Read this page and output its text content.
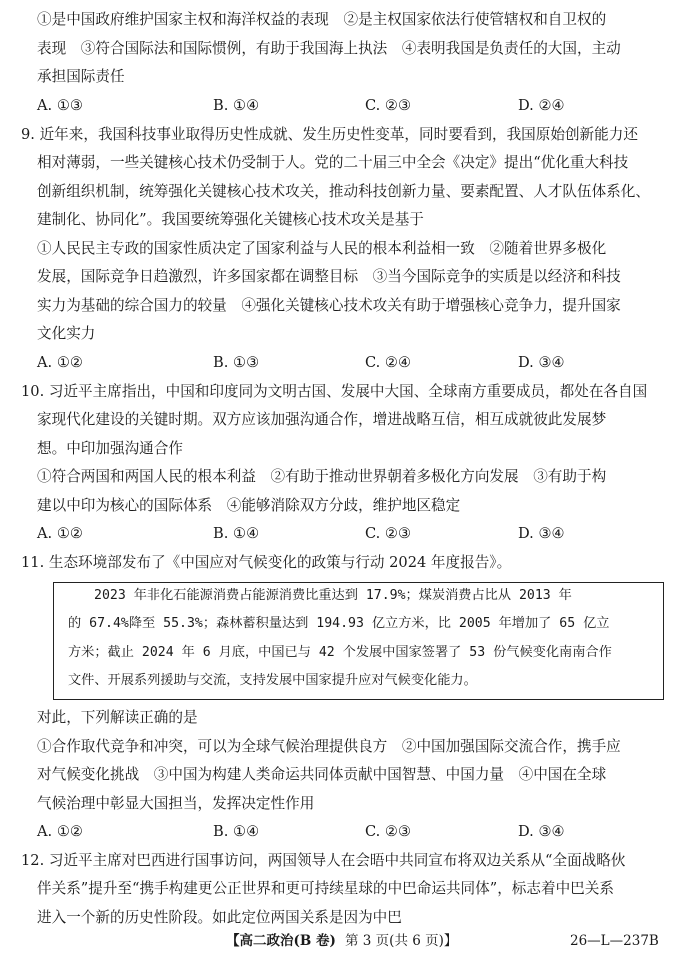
①是中国政府维护国家主权和海洋权益的表现　②是主权国家依法行使管辖权和自卫权的
表现　③符合国际法和国际惯例，有助于我国海上执法　④表明我国是负责任的大国，主动
承担国际责任
A. ①③	B. ①④	C. ②③	D. ②④
9. 近年来，我国科技事业取得历史性成就、发生历史性变革，同时要看到，我国原始创新能力还
相对薄弱，一些关键核心技术仍受制于人。党的二十届三中全会《决定》提出“优化重大科技
创新组织机制，统筹强化关键核心技术攻关，推动科技创新力量、要素配置、人才队伍体系化、
建制化、协同化”。我国要统筹强化关键核心技术攻关是基于
①人民民主专政的国家性质决定了国家利益与人民的根本利益相一致　②随着世界多极化
发展，国际竞争日趋激烈，许多国家都在调整目标　③当今国际竞争的实质是以经济和科技
实力为基础的综合国力的较量　④强化关键核心技术攻关有助于增强核心竞争力，提升国家
文化实力
A. ①②	B. ①③	C. ②④	D. ③④
10. 习近平主席指出，中国和印度同为文明古国、发展中大国、全球南方重要成员，都处在各自国
家现代化建设的关键时期。双方应该加强沟通合作，增进战略互信，相互成就彼此发展梦
想。中印加强沟通合作
①符合两国和两国人民的根本利益　②有助于推动世界朝着多极化方向发展　③有助于构
建以中印为核心的国际体系　④能够消除双方分歧，维护地区稳定
A. ①②	B. ①④	C. ②③	D. ③④
11. 生态环境部发布了《中国应对气候变化的政策与行动 2024 年度报告》。
2023 年非化石能源消费占能源消费比重达到 17.9%；煤炭消费占比从 2013 年
的 67.4%降至 55.3%；森林蓄积量达到 194.93 亿立方米，比 2005 年增加了 65 亿立
方米；截止 2024 年 6 月底，中国已与 42 个发展中国家签署了 53 份气候变化南南合作
文件、开展系列援助与交流，支持发展中国家提升应对气候变化能力。
对此，下列解读正确的是
①合作取代竞争和冲突，可以为全球气候治理提供良方　②中国加强国际交流合作，携手应
对气候变化挑战　③中国为构建人类命运共同体贡献中国智慧、中国力量　④中国在全球
气候治理中彰显大国担当，发挥决定性作用
A. ①②	B. ①④	C. ②③	D. ③④
12. 习近平主席对巴西进行国事访问，两国领导人在会晤中共同宣布将双边关系从“全面战略伙
伴关系”提升至“携手构建更公正世界和更可持续星球的中巴命运共同体”，标志着中巴关系
进入一个新的历史性阶段。如此定位两国关系是因为中巴
【高二政治(B 卷) 第 3 页(共 6 页)】	26—L—237B
